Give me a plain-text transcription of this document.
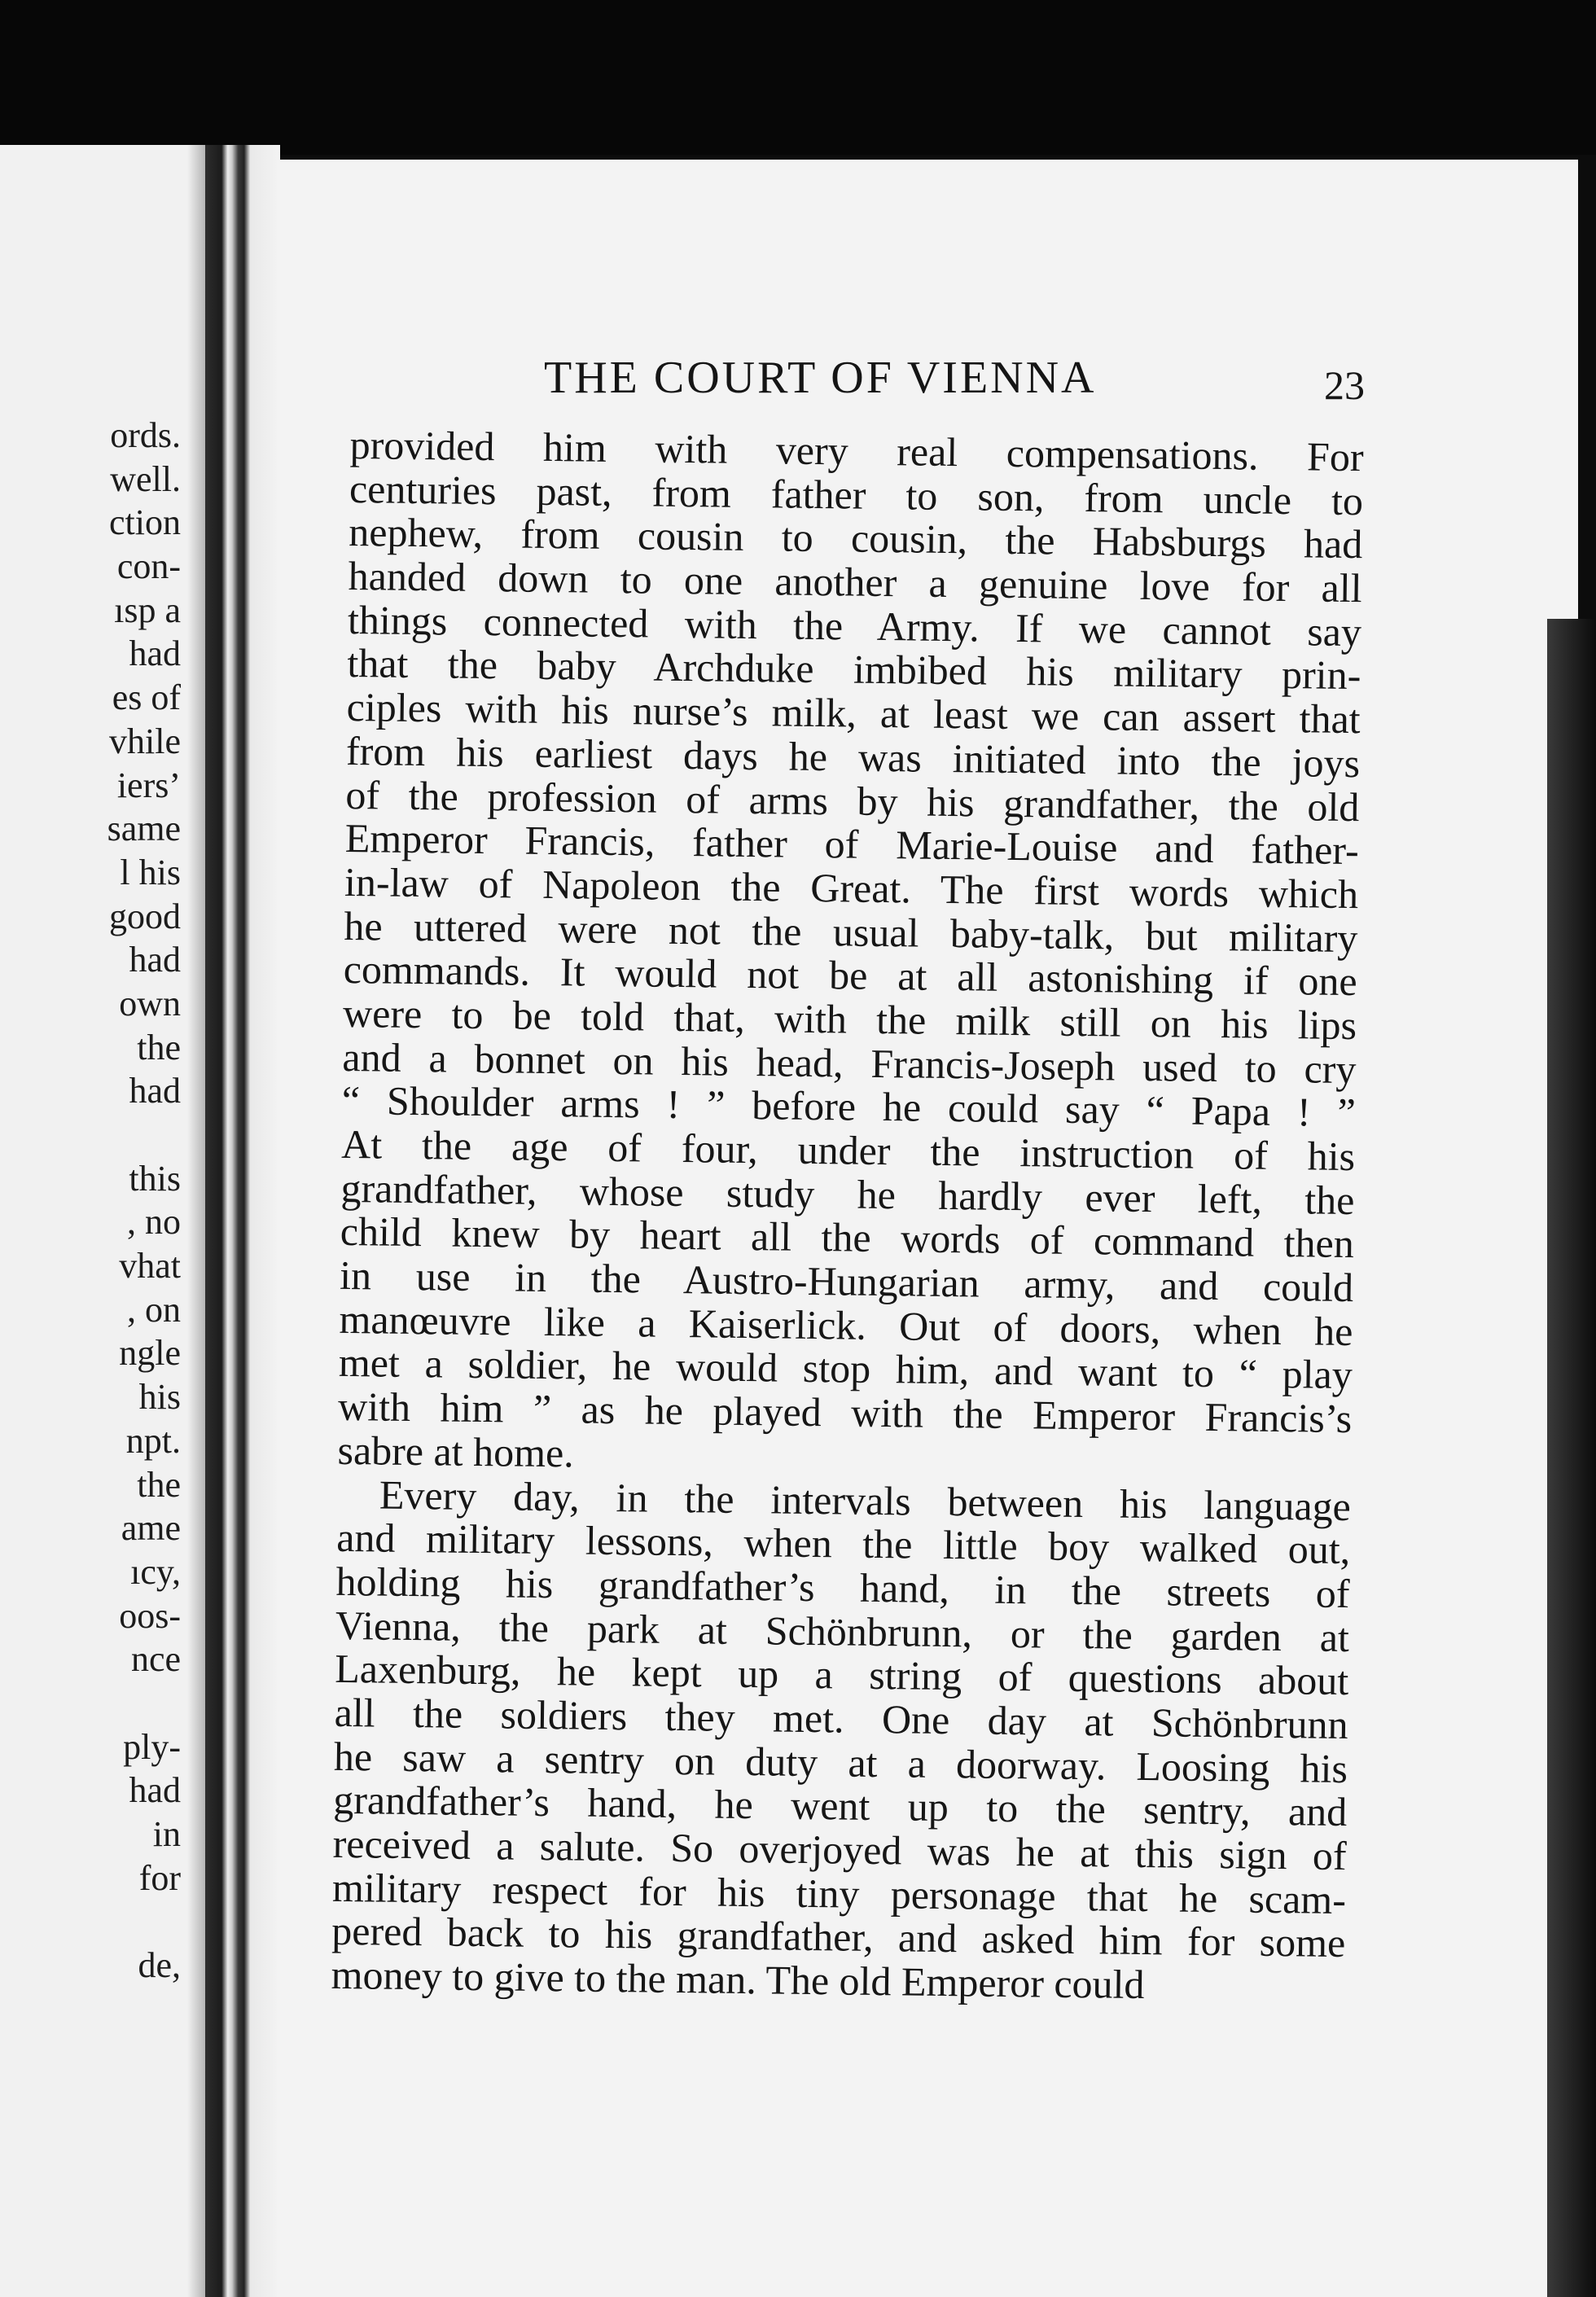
ords.
well.
ction
con-
ısp a
had
es of
vhile
iers’
same
l his
good
had
own
the
had
this
, no
vhat
, on
ngle
his
npt.
the
ame
ıcy,
oos-
nce
ply-
had
in
for
de,
THE COURT OF VIENNA	23
provided him with very real compensations. For
centuries past, from father to son, from uncle to
nephew, from cousin to cousin, the Habsburgs had
handed down to one another a genuine love for all
things connected with the Army. If we cannot say
that the baby Archduke imbibed his military prin-
ciples with his nurse’s milk, at least we can assert that
from his earliest days he was initiated into the joys
of the profession of arms by his grandfather, the old
Emperor Francis, father of Marie-Louise and father-
in-law of Napoleon the Great. The first words which
he uttered were not the usual baby-talk, but military
commands. It would not be at all astonishing if one
were to be told that, with the milk still on his lips
and a bonnet on his head, Francis-Joseph used to cry
“ Shoulder arms ! ” before he could say “ Papa ! ”
At the age of four, under the instruction of his
grandfather, whose study he hardly ever left, the
child knew by heart all the words of command then
in use in the Austro-Hungarian army, and could
manœuvre like a Kaiserlick. Out of doors, when he
met a soldier, he would stop him, and want to “ play
with him ” as he played with the Emperor Francis’s
sabre at home.
Every day, in the intervals between his language
and military lessons, when the little boy walked out,
holding his grandfather’s hand, in the streets of
Vienna, the park at Schönbrunn, or the garden at
Laxenburg, he kept up a string of questions about
all the soldiers they met. One day at Schönbrunn
he saw a sentry on duty at a doorway. Loosing his
grandfather’s hand, he went up to the sentry, and
received a salute. So overjoyed was he at this sign of
military respect for his tiny personage that he scam-
pered back to his grandfather, and asked him for some
money to give to the man. The old Emperor could
